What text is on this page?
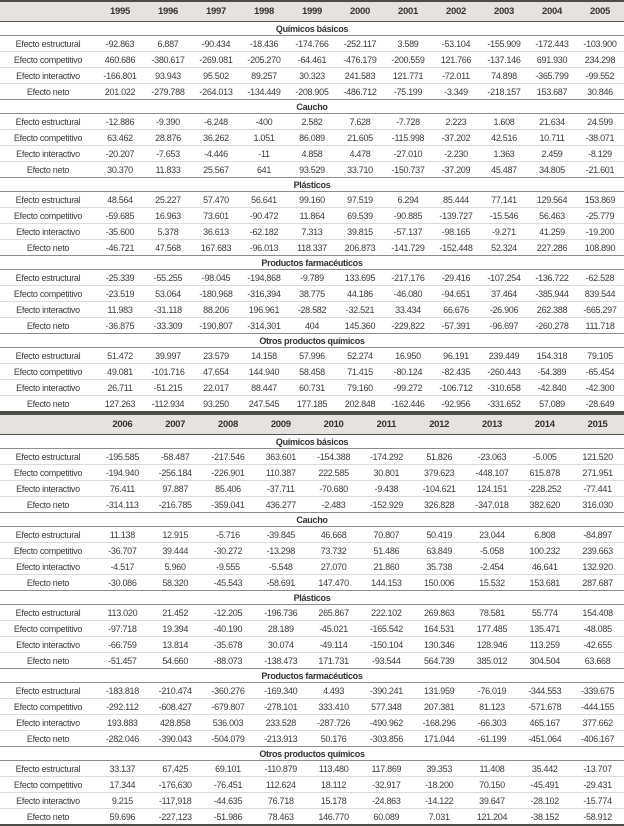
	1995	1996	1997	1998	1999	2000	2001	2002	2003	2004	2005
Químicos básicos											
Efecto estructural	-92.863	6.887	-90.434	-18.436	-174.766	-252.117	3.589	-53.104	-155.909	-172.443	-103.900
Efecto competitivo	460.686	-380.617	-269.081	-205.270	-64.461	-476.179	-200.559	121.766	-137.146	691.930	234.298
Efecto interactivo	-166.801	93.943	95.502	89.257	30.323	241.583	121.771	-72.011	74.898	-365.799	-99.552
Efecto neto	201.022	-279.788	-264.013	-134.449	-208.905	-486.712	-75.199	-3.349	-218.157	153.687	30.846
Caucho											
Efecto estructural	-12.886	-9.390	-6.248	-400	2.582	7.628	-7.728	2.223	1.608	21.634	24.599
Efecto competitivo	63.462	28.876	36.262	1.051	86.089	21.605	-115.998	-37.202	42.516	10.711	-38.071
Efecto interactivo	-20.207	-7.653	-4.446	-11	4.858	4.478	-27.010	-2.230	1.363	2.459	-8.129
Efecto neto	30.370	11.833	25.567	641	93.529	33.710	-150.737	-37.209	45.487	34.805	-21.601
Plásticos											
Efecto estructural	48.564	25.227	57.470	56.641	99.160	97.519	6.294	85.444	77.141	129.564	153.869
Efecto competitivo	-59.685	16.963	73.601	-90.472	11.864	69.539	-90.885	-139.727	-15.546	56.463	-25.779
Efecto interactivo	-35.600	5.378	36.613	-62.182	7.313	39.815	-57.137	-98.165	-9.271	41.259	-19.200
Efecto neto	-46.721	47.568	167.683	-96.013	118.337	206.873	-141.729	-152.448	52.324	227.286	108.890
Productos farmacéuticos											
Efecto estructural	-25.339	-55.255	-98.045	-194.868	-9.789	133.695	-217.176	-29.416	-107.254	-136.722	-62.528
Efecto competitivo	-23.519	53.064	-180.968	-316.394	38.775	44.186	-46.080	-94.651	37.464	-385.944	839.544
Efecto interactivo	11.983	-31.118	88.206	196.961	-28.582	-32.521	33.434	66.676	-26.906	262.388	-665.297
Efecto neto	-36.875	-33.309	-190.807	-314.301	404	145.360	-229.822	-57.391	-96.697	-260.278	111.718
Otros productos químicos											
Efecto estructural	51.472	39.997	23.579	14.158	57.996	52.274	16.950	96.191	239.449	154.318	79.105
Efecto competitivo	49.081	-101.716	47.654	144.940	58.458	71.415	-80.124	-82.435	-260.443	-54.389	-65.454
Efecto interactivo	26.711	-51.215	22.017	88.447	60.731	79.160	-99.272	-106.712	-310.658	-42.840	-42.300
Efecto neto	127.263	-112.934	93.250	247.545	177.185	202.848	-162.446	-92.956	-331.652	57.089	-28.649
	2006	2007	2008	2009	2010	2011	2012	2013	2014	2015
Químicos básicos										
Efecto estructural	-195.585	-58.487	-217.546	363.601	-154.388	-174.292	51.826	-23.063	-5.005	121.520
Efecto competitivo	-194.940	-256.184	-226.901	110.387	222.585	30.801	379.623	-448.107	615.878	271.951
Efecto interactivo	76.411	97.887	85.406	-37.711	-70.680	-9.438	-104.621	124.151	-228.252	-77.441
Efecto neto	-314.113	-216.785	-359.041	436.277	-2.483	-152.929	326.828	-347.018	382.620	316.030
Caucho										
Efecto estructural	11.138	12.915	-5.716	-39.845	46.668	70.807	50.419	23.044	6.808	-84.897
Efecto competitivo	-36.707	39.444	-30.272	-13.298	73.732	51.486	63.849	-5.058	100.232	239.663
Efecto interactivo	-4.517	5.960	-9.555	-5.548	27.070	21.860	35.738	-2.454	46.641	132.920
Efecto neto	-30.086	58.320	-45.543	-58.691	147.470	144.153	150.006	15.532	153.681	287.687
Plásticos										
Efecto estructural	113.020	21.452	-12.205	-196.736	265.867	222.102	269.863	78.581	55.774	154.408
Efecto competitivo	-97.718	19.394	-40.190	28.189	-45.021	-165.542	164.531	177.485	135.471	-48.085
Efecto interactivo	-66.759	13.814	-35.678	30.074	-49.114	-150.104	130.346	128.946	113.259	-42.655
Efecto neto	-51.457	54.660	-88.073	-138.473	171.731	-93.544	564.739	385.012	304.504	63.668
Productos farmacéuticos										
Efecto estructural	-183.818	-210.474	-360.276	-169.340	4.493	-390.241	131.959	-76.019	-344.553	-339.675
Efecto competitivo	-292.112	-608.427	-679.807	-278.101	333.410	577.348	207.381	81.123	-571.678	-444.155
Efecto interactivo	193.883	428.858	536.003	233.528	-287.726	-490.962	-168.296	-66.303	465.167	377.662
Efecto neto	-282.046	-390.043	-504.079	-213.913	50.176	-303.856	171.044	-61.199	-451.064	-406.167
Otros productos químicos										
Efecto estructural	33.137	67,425	69.101	-110.879	113.480	117.869	39.353	11.408	35.442	-13.707
Efecto competitivo	17.344	-176,630	-76.451	112.624	18.112	-32.917	-18.200	70.150	-45.491	-29.431
Efecto interactivo	9.215	-117,918	-44.635	76.718	15.178	-24.863	-14.122	39.647	-28.102	-15.774
Efecto neto	59.696	-227,123	-51.986	78.463	146.770	60.089	7.031	121.204	-38.152	-58.912
